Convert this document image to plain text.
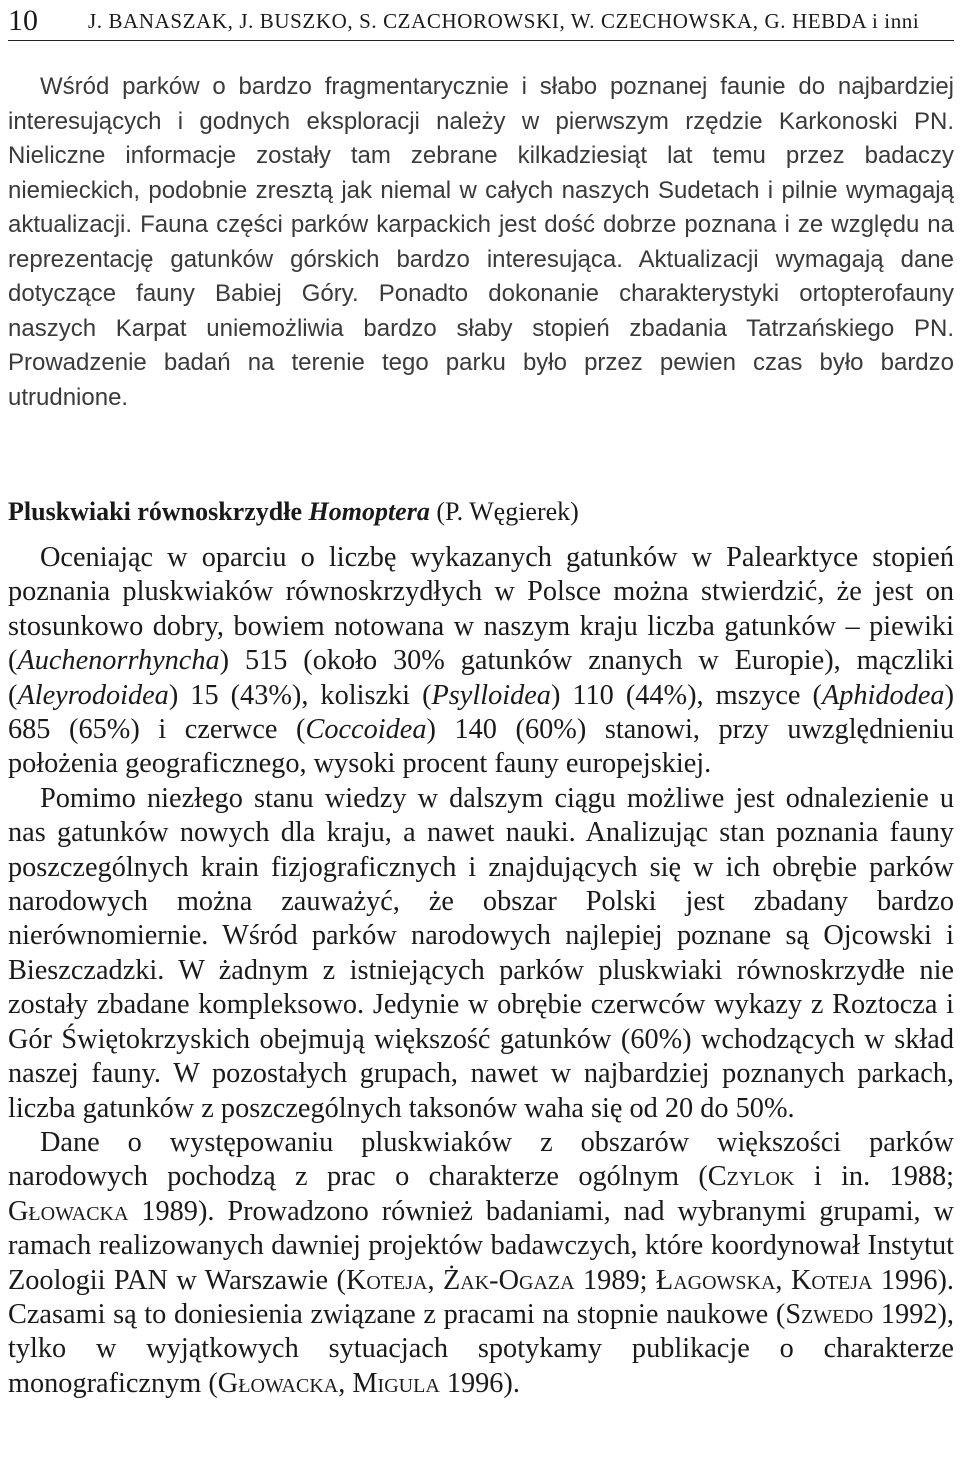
10 J. BANASZAK, J. BUSZKO, S. CZACHOROWSKI, W. CZECHOWSKA, G. HEBDA i inni

Wśród parków o bardzo fragmentarycznie i słabo poznanej faunie do najbardziej interesujących i godnych eksploracji należy w pierwszym rzędzie Karkonoski PN. Nieliczne informacje zostały tam zebrane kilkadziesiąt lat temu przez badaczy niemieckich, podobnie zresztą jak niemal w całych naszych Sudetach i pilnie wymagają aktualizacji. Fauna części parków karpackich jest dość dobrze poznana i ze względu na reprezentację gatunków górskich bardzo interesująca. Aktualizacji wymagają dane dotyczące fauny Babiej Góry. Ponadto dokonanie charakterystyki ortopterofauny naszych Karpat uniemożliwia bardzo słaby stopień zbadania Tatrzańskiego PN. Prowadzenie badań na terenie tego parku było przez pewien czas było bardzo utrudnione.

Pluskwiaki równoskrzydłe Homoptera (P. Węgierek)

Oceniając w oparciu o liczbę wykazanych gatunków w Palearktyce stopień poznania pluskwiaków równoskrzydłych w Polsce można stwierdzić, że jest on stosunkowo dobry, bowiem notowana w naszym kraju liczba gatunków – piewiki (Auchenorrhyncha) 515 (około 30% gatunków znanych w Europie), mączliki (Aleyrodoidea) 15 (43%), koliszki (Psylloidea) 110 (44%), mszyce (Aphidodea) 685 (65%) i czerwce (Coccoidea) 140 (60%) stanowi, przy uwzględnieniu położenia geograficznego, wysoki procent fauny europejskiej.

Pomimo niezłego stanu wiedzy w dalszym ciągu możliwe jest odnalezienie u nas gatunków nowych dla kraju, a nawet nauki. Analizując stan poznania fauny poszczególnych krain fizjograficznych i znajdujących się w ich obrębie parków narodowych można zauważyć, że obszar Polski jest zbadany bardzo nierównomiernie. Wśród parków narodowych najlepiej poznane są Ojcowski i Bieszczadzki. W żadnym z istniejących parków pluskwiaki równoskrzydłe nie zostały zbadane kompleksowo. Jedynie w obrębie czerwców wykazy z Roztocza i Gór Świętokrzyskich obejmują większość gatunków (60%) wchodzących w skład naszej fauny. W pozostałych grupach, nawet w najbardziej poznanych parkach, liczba gatunków z poszczególnych taksonów waha się od 20 do 50%.

Dane o występowaniu pluskwiaków z obszarów większości parków narodowych pochodzą z prac o charakterze ogólnym (Czylok i in. 1988; Głowacka 1989). Prowadzono również badaniami, nad wybranymi grupami, w ramach realizowanych dawniej projektów badawczych, które koordynował Instytut Zoologii PAN w Warszawie (Koteja, Żak-Ogaza 1989; Łagowska, Koteja 1996). Czasami są to doniesienia związane z pracami na stopnie naukowe (Szwedo 1992), tylko w wyjątkowych sytuacjach spotykamy publikacje o charakterze monograficznym (Głowacka, Migula 1996).
